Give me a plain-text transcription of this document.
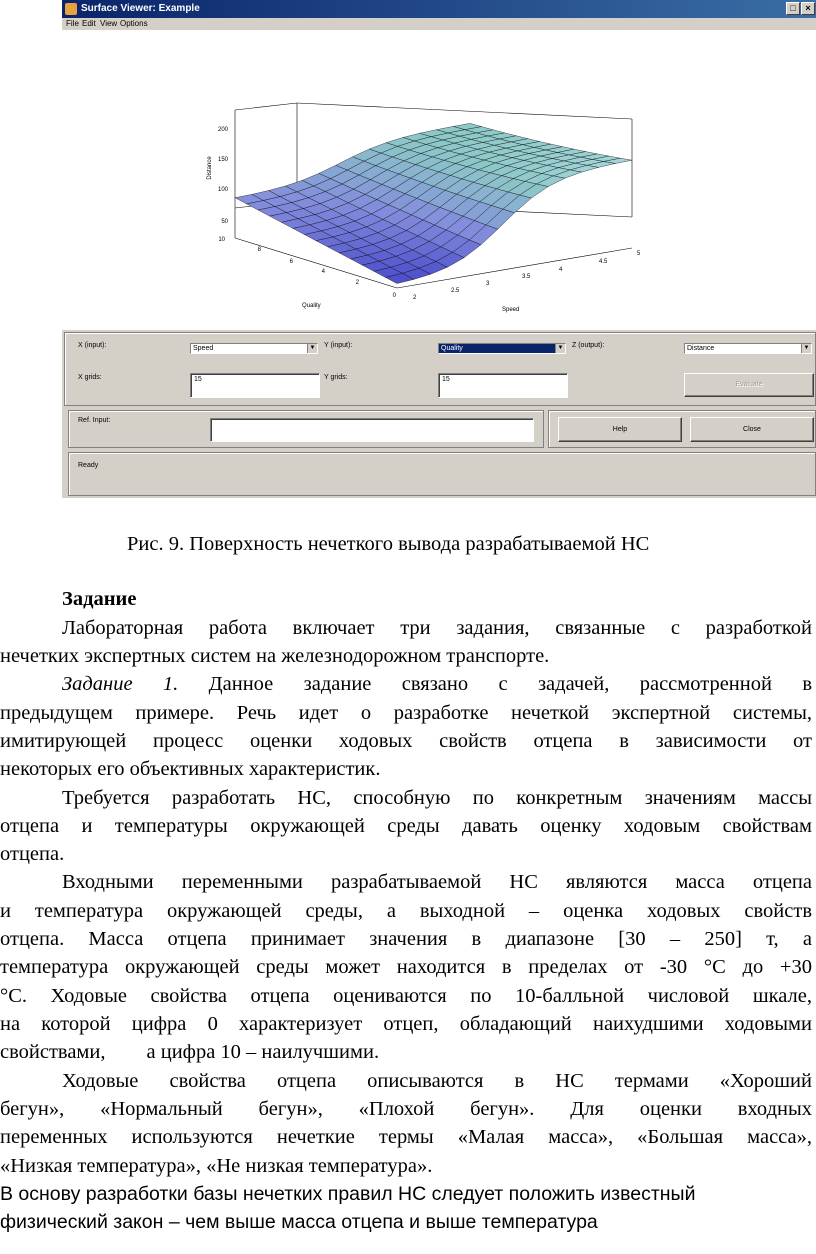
Surface Viewer: Example	□	×
File Edit View Options
Distance
Quality
Speed
200
150
100
50
10
8
6
4
2
0	2
2.5
3
3.5
4
4.5
5
X (input):	Speed	▼ Y (input):	Quality	▼ Z (output):	Distance	▼
X grids:	15	Y grids:	15
Evaluate
Ref. Input:
Help	Close
Ready
Рис. 9. Поверхность нечеткого вывода разрабатываемой НС
Задание
Лабораторная работа включает три задания, связанные с разработкой
нечетких экспертных систем на железнодорожном транспорте.
Задание 1. Данное задание связано с задачей, рассмотренной в
предыдущем примере. Речь идет о разработке нечеткой экспертной системы,
имитирующей процесс оценки ходовых свойств отцепа в зависимости от
некоторых его объективных характеристик.
Требуется разработать НС, способную по конкретным значениям массы
отцепа и температуры окружающей среды давать оценку ходовым свойствам
отцепа.
Входными переменными разрабатываемой НС являются масса отцепа
и температура окружающей среды, а выходной – оценка ходовых свойств
отцепа. Масса отцепа принимает значения в диапазоне [30 – 250] т, а
температура окружающей среды может находится в пределах от -30 °С до +30
°С. Ходовые свойства отцепа оцениваются по 10-балльной числовой шкале,
на которой цифра 0 характеризует отцеп, обладающий наихудшими ходовыми
свойствами,        а цифра 10 – наилучшими.
Ходовые свойства отцепа описываются в НС термами «Хороший
бегун», «Нормальный бегун», «Плохой бегун». Для оценки входных
переменных используются нечеткие термы «Малая масса», «Большая масса»,
«Низкая температура», «Не низкая температура».
В основу разработки базы нечетких правил НС следует положить известный
физический закон – чем выше масса отцепа и выше температура
